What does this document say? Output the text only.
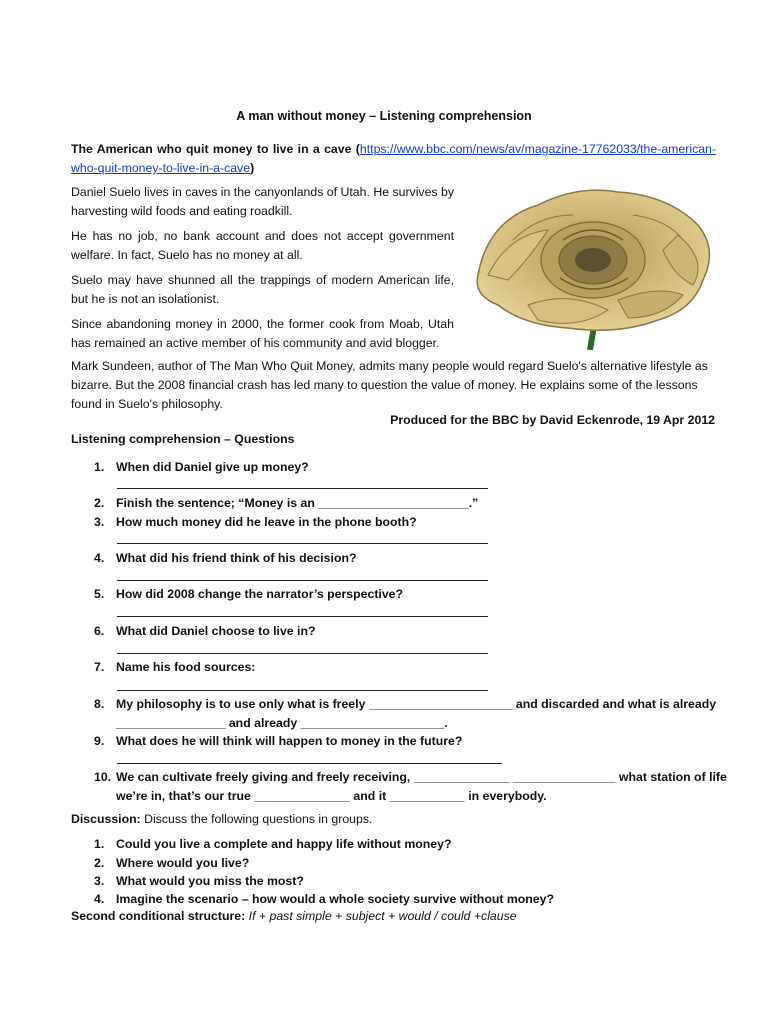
A man without money – Listening comprehension
The American who quit money to live in a cave (https://www.bbc.com/news/av/magazine-17762033/the-american-who-quit-money-to-live-in-a-cave)
Daniel Suelo lives in caves in the canyonlands of Utah. He survives by harvesting wild foods and eating roadkill.
He has no job, no bank account and does not accept government welfare. In fact, Suelo has no money at all.
Suelo may have shunned all the trappings of modern American life, but he is not an isolationist.
Since abandoning money in 2000, the former cook from Moab, Utah has remained an active member of his community and avid blogger.
Mark Sundeen, author of The Man Who Quit Money, admits many people would regard Suelo's alternative lifestyle as bizarre. But the 2008 financial crash has led many to question the value of money. He explains some of the lessons found in Suelo's philosophy.
Produced for the BBC by David Eckenrode, 19 Apr 2012
Listening comprehension – Questions
1. When did Daniel give up money?
2. Finish the sentence; “Money is an ______________________.”
3. How much money did he leave in the phone booth?
4. What did his friend think of his decision?
5. How did 2008 change the narrator’s perspective?
6. What did Daniel choose to live in?
7. Name his food sources:
8. My philosophy is to use only what is freely _____________________ and discarded and what is already
________________ and already _____________________.
9. What does he will think will happen to money in the future?
10. We can cultivate freely giving and freely receiving, ______________ _______________ what station of life
we’re in, that’s our true ______________ and it ___________ in everybody.
Discussion: Discuss the following questions in groups.
1. Could you live a complete and happy life without money?
2. Where would you live?
3. What would you miss the most?
4. Imagine the scenario – how would a whole society survive without money?
Second conditional structure: If + past simple + subject + would / could +clause
